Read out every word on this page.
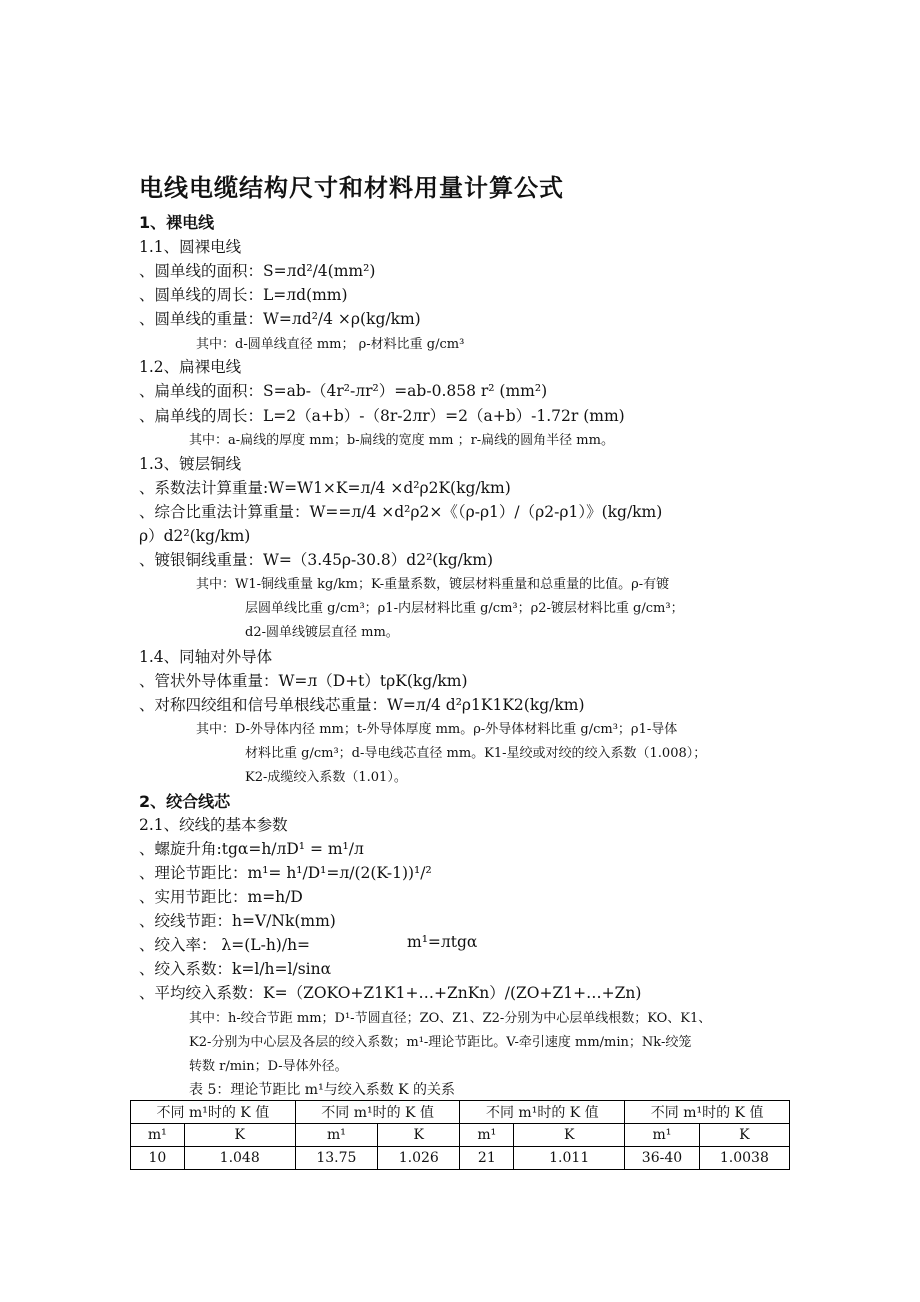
电线电缆结构尺寸和材料用量计算公式
1、裸电线
1.1、圆裸电线
、圆单线的面积：S=лd²/4(mm²)
、圆单线的周长：L=лd(mm)
、圆单线的重量：W=лd²/4 ×ρ(kg/km)
其中：d-圆单线直径 mm； ρ-材料比重 g/cm³
1.2、扁裸电线
、扁单线的面积：S=ab-（4r²-лr²）=ab-0.858 r² (mm²)
、扁单线的周长：L=2（a+b）-（8r-2лr）=2（a+b）-1.72r (mm)
其中：a-扁线的厚度 mm；b-扁线的宽度 mm ；r-扁线的圆角半径 mm。
1.3、镀层铜线
、系数法计算重量:W=W1×K=л/4 ×d²ρ2K(kg/km)
、综合比重法计算重量：W==л/4 ×d²ρ2×《（ρ-ρ1）/（ρ2-ρ1）》(kg/km)
ρ）d2²(kg/km)
、镀银铜线重量：W=（3.45ρ-30.8）d2²(kg/km)
其中：W1-铜线重量 kg/km；K-重量系数，镀层材料重量和总重量的比值。ρ-有镀
层圆单线比重 g/cm³；ρ1-内层材料比重 g/cm³；ρ2-镀层材料比重 g/cm³；
d2-圆单线镀层直径 mm。
1.4、同轴对外导体
、管状外导体重量：W=л（D+t）tρK(kg/km)
、对称四绞组和信号单根线芯重量：W=л/4 d²ρ1K1K2(kg/km)
其中：D-外导体内径 mm；t-外导体厚度 mm。ρ-外导体材料比重 g/cm³；ρ1-导体
材料比重 g/cm³；d-导电线芯直径 mm。K1-星绞或对绞的绞入系数（1.008）；
K2-成缆绞入系数（1.01）。
2、绞合线芯
2.1、绞线的基本参数
、螺旋升角:tgα=h/лD¹ = m¹/л
、理论节距比：m¹= h¹/D¹=л/(2(K-1))¹/²
、实用节距比：m=h/D
、绞线节距：h=V/Nk(mm)
、绞入率： λ=(L-h)/h=	m¹=лtgα
、绞入系数：k=l/h=l/sinα
、平均绞入系数：K=（ZOKO+Z1K1+…+ZnKn）/(ZO+Z1+…+Zn)
其中：h-绞合节距 mm；D¹-节圆直径；ZO、Z1、Z2-分别为中心层单线根数；KO、K1、
K2-分别为中心层及各层的绞入系数；m¹-理论节距比。V-牵引速度 mm/min；Nk-绞笼
转数 r/min；D-导体外径。
表 5：理论节距比 m¹与绞入系数 K 的关系
不同 m¹时的 K 值		不同 m¹时的 K 值		不同 m¹时的 K 值		不同 m¹时的 K 值	
m¹	K	m¹	K	m¹	K	m¹	K
10	1.048	13.75	1.026	21	1.011	36-40	1.0038
